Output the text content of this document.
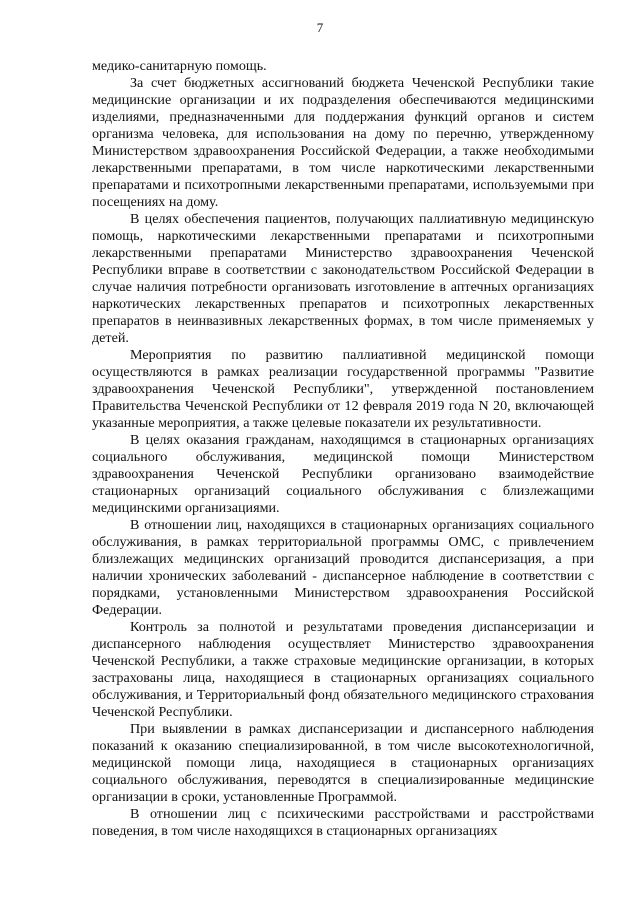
7

медико-санитарную помощь.

За счет бюджетных ассигнований бюджета Чеченской Республики такие медицинские организации и их подразделения обеспечиваются медицинскими изделиями, предназначенными для поддержания функций органов и систем организма человека, для использования на дому по перечню, утвержденному Министерством здравоохранения Российской Федерации, а также необходимыми лекарственными препаратами, в том числе наркотическими лекарственными препаратами и психотропными лекарственными препаратами, используемыми при посещениях на дому.

В целях обеспечения пациентов, получающих паллиативную медицинскую помощь, наркотическими лекарственными препаратами и психотропными лекарственными препаратами Министерство здравоохранения Чеченской Республики вправе в соответствии с законодательством Российской Федерации в случае наличия потребности организовать изготовление в аптечных организациях наркотических лекарственных препаратов и психотропных лекарственных препаратов в неинвазивных лекарственных формах, в том числе применяемых у детей.

Мероприятия по развитию паллиативной медицинской помощи осуществляются в рамках реализации государственной программы "Развитие здравоохранения Чеченской Республики", утвержденной постановлением Правительства Чеченской Республики от 12 февраля 2019 года N 20, включающей указанные мероприятия, а также целевые показатели их результативности.

В целях оказания гражданам, находящимся в стационарных организациях социального обслуживания, медицинской помощи Министерством здравоохранения Чеченской Республики организовано взаимодействие стационарных организаций социального обслуживания с близлежащими медицинскими организациями.

В отношении лиц, находящихся в стационарных организациях социального обслуживания, в рамках территориальной программы ОМС, с привлечением близлежащих медицинских организаций проводится диспансеризация, а при наличии хронических заболеваний - диспансерное наблюдение в соответствии с порядками, установленными Министерством здравоохранения Российской Федерации.

Контроль за полнотой и результатами проведения диспансеризации и диспансерного наблюдения осуществляет Министерство здравоохранения Чеченской Республики, а также страховые медицинские организации, в которых застрахованы лица, находящиеся в стационарных организациях социального обслуживания, и Территориальный фонд обязательного медицинского страхования Чеченской Республики.

При выявлении в рамках диспансеризации и диспансерного наблюдения показаний к оказанию специализированной, в том числе высокотехнологичной, медицинской помощи лица, находящиеся в стационарных организациях социального обслуживания, переводятся в специализированные медицинские организации в сроки, установленные Программой.

В отношении лиц с психическими расстройствами и расстройствами поведения, в том числе находящихся в стационарных организациях
